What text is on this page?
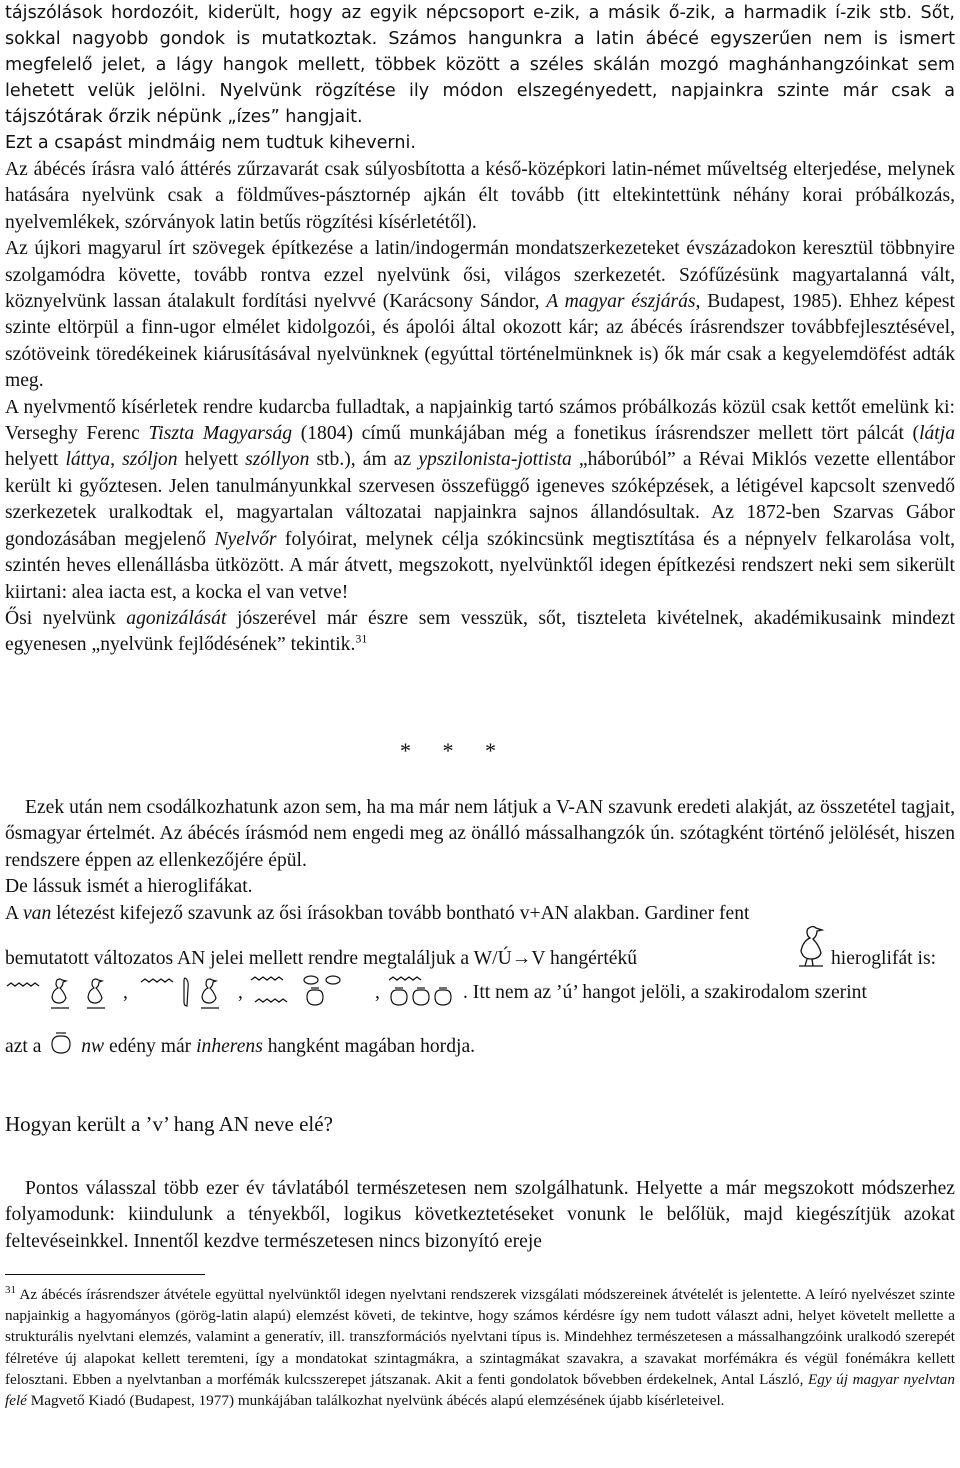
tájszólások hordozóit, kiderült, hogy az egyik népcsoport e-zik, a másik ő-zik, a harmadik í-zik stb. Sőt, sokkal nagyobb gondok is mutatkoztak. Számos hangunkra a latin ábécé egyszerűen nem is ismert megfelelő jelet, a lágy hangok mellett, többek között a széles skálán mozgó maghánhangzóinkat sem lehetett velük jelölni. Nyelvünk rögzítése ily módon elszegényedett, napjainkra szinte már csak a tájszótárak őrzik népünk „ízes” hangjait.

Ezt a csapást mindmáig nem tudtuk kiheverni.

Az ábécés írásra való áttérés zűrzavarát csak súlyosbította a késő-középkori latin-német műveltség elterjedése, melynek hatására nyelvünk csak a földműves-pásztornép ajkán élt tovább (itt eltekintettünk néhány korai próbálkozás, nyelvemlékek, szórványok latin betűs rögzítési kísérletétől).

Az újkori magyarul írt szövegek építkezése a latin/indogermán mondatszerkezeteket évszázadokon keresztül többnyire szolgamódra követte, tovább rontva ezzel nyelvünk ősi, világos szerkezetét. Szófűzésünk magyartalanná vált, köznyelvünk lassan átalakult fordítási nyelvvé (Karácsony Sándor, A magyar észjárás, Budapest, 1985). Ehhez képest szinte eltörpül a finn-ugor elmélet kidolgozói, és ápolói által okozott kár; az ábécés írásrendszer továbbfejlesztésével, szótöveink töredékeinek kiárusításával nyelvünknek (egyúttal történelmünknek is) ők már csak a kegyelemdöfést adták meg.

A nyelvmentő kísérletek rendre kudarcba fulladtak, a napjainkig tartó számos próbálkozás közül csak kettőt emelünk ki: Verseghy Ferenc Tiszta Magyarság (1804) című munkájában még a fonetikus írásrendszer mellett tört pálcát (látja helyett láttya, szóljon helyett szóllyon stb.), ám az ypszilonista-jottista „háborúból” a Révai Miklós vezette ellentábor került ki győztesen. Jelen tanulmányunkkal szervesen összefüggő igeneves szóképzések, a létigével kapcsolt szenvedő szerkezetek uralkodtak el, magyartalan változatai napjainkra sajnos állandósultak. Az 1872-ben Szarvas Gábor gondozásában megjelenő Nyelvőr folyóirat, melynek célja szókincsünk megtisztítása és a népnyelv felkarolása volt, szintén heves ellenállásba ütközött. A már átvett, megszokott, nyelvünktől idegen építkezési rendszert neki sem sikerült kiirtani: alea iacta est, a kocka el van vetve!

Ősi nyelvünk agonizálását jószerével már észre sem vesszük, sőt, tiszteletа kivételnek, akadémikusaink mindezt egyenesen „nyelvünk fejlődésének” tekintik.$^{31}$

* * *

Ezek után nem csodálkozhatunk azon sem, ha ma már nem látjuk a V-AN szavunk eredeti alakját, az összetétel tagjait, ősmagyar értelmét. Az ábécés írásmód nem engedi meg az önálló mássalhangzók ún. szótagként történő jelölését, hiszen rendszere éppen az ellenkezőjére épül.

De lássuk ismét a hieroglifákat.

A van létezést kifejező szavunk az ősi írásokban tovább bontható v+AN alakban. Gardiner fent

bemutatott változatos AN jelei mellett rendre megtaláljuk a W/Ú→V hangértékű	hieroglifát is:
,	,	,	. Itt nem az ’ú’ hangot jelöli, a szakirodalom szerint
azt a nw edény már inherens hangként magában hordja.
Hogyan került a ’v’ hang AN neve elé?
Pontos válasszal több ezer év távlatából természetesen nem szolgálhatunk. Helyette a már megszokott módszerhez folyamodunk: kiindulunk a tényekből, logikus következtetéseket vonunk le belőlük, majd kiegészítjük azokat feltevéseinkkel. Innentől kezdve természetesen nincs bizonyító ereje
$^{31}$ Az ábécés írásrendszer átvétele együttal nyelvünktől idegen nyelvtani rendszerek vizsgálati módszereinek átvételét is jelentette. A leíró nyelvészet szinte napjainkig a hagyományos (görög-latin alapú) elemzést követi, de tekintve, hogy számos kérdésre így nem tudott választ adni, helyet követelt mellette a strukturális nyelvtani elemzés, valamint a generatív, ill. transzformációs nyelvtani típus is. Mindehhez természetesen a mássalhangzóink uralkodó szerepét félretéve új alapokat kellett teremteni, így a mondatokat szintagmákra, a szintagmákat szavakra, a szavakat morfémákra és végül fonémákra kellett felosztani. Ebben a nyelvtanban a morfémák kulcsszerepet játszanak. Akit a fenti gondolatok bővebben érdekelnek, Antal László, Egy új magyar nyelvtan felé Magvető Kiadó (Budapest, 1977) munkájában találkozhat nyelvünk ábécés alapú elemzésének újabb kísérleteivel.
